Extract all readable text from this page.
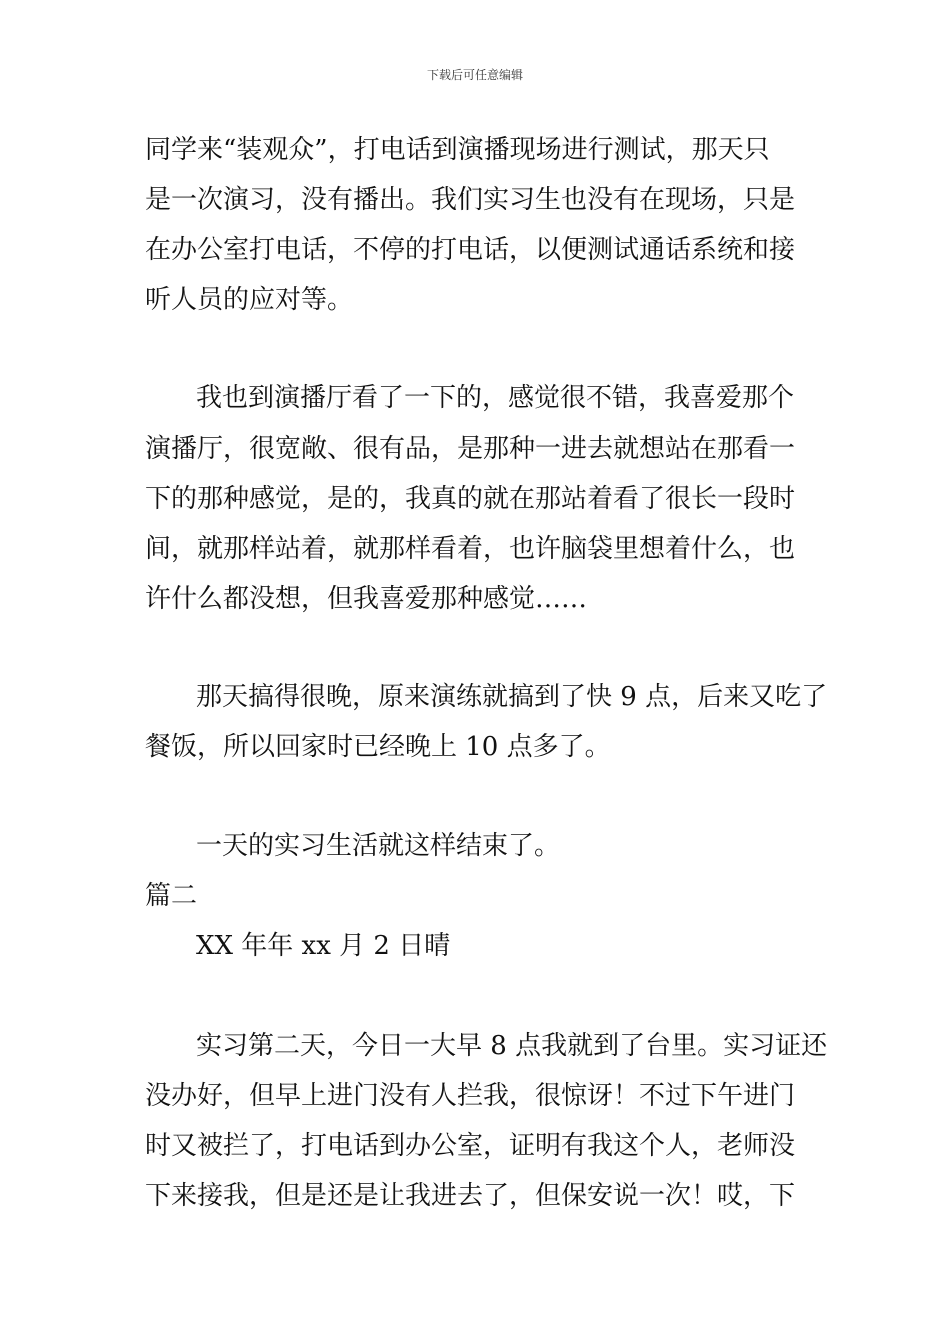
下载后可任意编辑
同学来“装观众”，打电话到演播现场进行测试，那天只
是一次演习，没有播出。我们实习生也没有在现场，只是
在办公室打电话，不停的打电话，以便测试通话系统和接
听人员的应对等。
我也到演播厅看了一下的，感觉很不错，我喜爱那个
演播厅，很宽敞、很有品，是那种一进去就想站在那看一
下的那种感觉，是的，我真的就在那站着看了很长一段时
间，就那样站着，就那样看着，也许脑袋里想着什么，也
许什么都没想，但我喜爱那种感觉……
那天搞得很晚，原来演练就搞到了快 9 点，后来又吃了
餐饭，所以回家时已经晚上 10 点多了。
一天的实习生活就这样结束了。
篇二
XX 年年 xx 月 2 日晴
实习第二天，今日一大早 8 点我就到了台里。实习证还
没办好，但早上进门没有人拦我，很惊讶！不过下午进门
时又被拦了，打电话到办公室，证明有我这个人，老师没
下来接我，但是还是让我进去了，但保安说一次！哎，下
